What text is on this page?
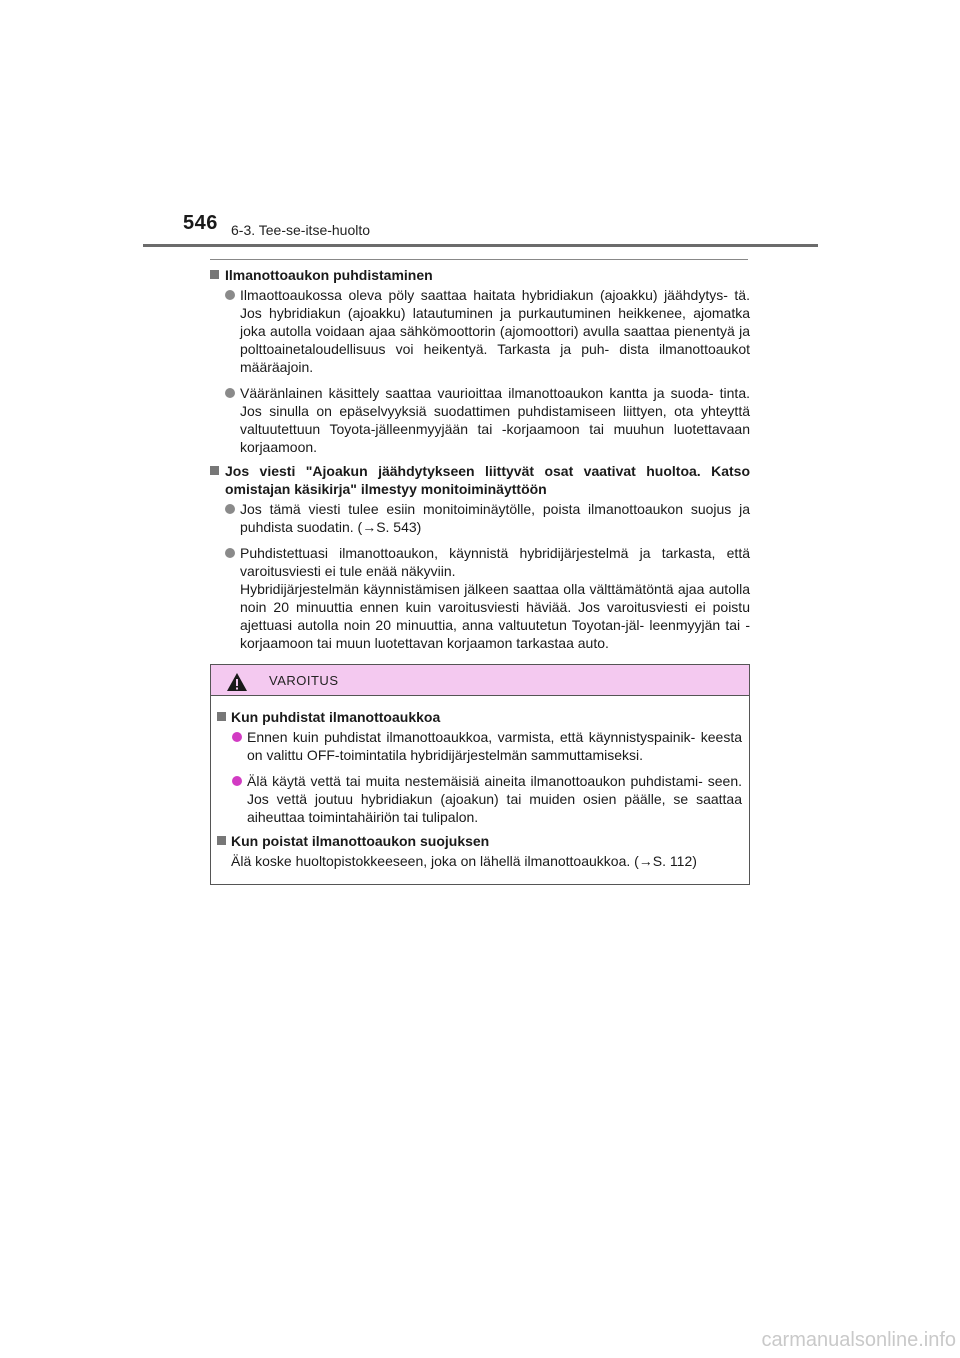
546 6-3. Tee-se-itse-huolto
Ilmanottoaukon puhdistaminen
Ilmaottoaukossa oleva pöly saattaa haitata hybridiakun (ajoakku) jäähdytys- tä. Jos hybridiakun (ajoakku) latautuminen ja purkautuminen heikkenee, ajomatka joka autolla voidaan ajaa sähkömoottorin (ajomoottori) avulla saattaa pienentyä ja polttoainetaloudellisuus voi heikentyä. Tarkasta ja puh- dista ilmanottoaukot määräajoin.
Vääränlainen käsittely saattaa vaurioittaa ilmanottoaukon kantta ja suoda- tinta. Jos sinulla on epäselvyyksiä suodattimen puhdistamiseen liittyen, ota yhteyttä valtuutettuun Toyota-jälleenmyyjään tai -korjaamoon tai muuhun luotettavaan korjaamoon.
Jos viesti "Ajoakun jäähdytykseen liittyvät osat vaativat huoltoa. Katso omistajan käsikirja" ilmestyy monitoiminäyttöön
Jos tämä viesti tulee esiin monitoiminäytölle, poista ilmanottoaukon suojus ja puhdista suodatin. (→S. 543)
Puhdistettuasi ilmanottoaukon, käynnistä hybridijärjestelmä ja tarkasta, että varoitusviesti ei tule enää näkyviin.
Hybridijärjestelmän käynnistämisen jälkeen saattaa olla välttämätöntä ajaa autolla noin 20 minuuttia ennen kuin varoitusviesti häviää. Jos varoitusviesti ei poistu ajettuasi autolla noin 20 minuuttia, anna valtuutetun Toyotan-jäl- leenmyyjän tai -korjaamoon tai muun luotettavan korjaamon tarkastaa auto.
VAROITUS
Kun puhdistat ilmanottoaukkoa
Ennen kuin puhdistat ilmanottoaukkoa, varmista, että käynnistyspainik- keesta on valittu OFF-toimintatila hybridijärjestelmän sammuttamiseksi.
Älä käytä vettä tai muita nestemäisiä aineita ilmanottoaukon puhdistami- seen. Jos vettä joutuu hybridiakun (ajoakun) tai muiden osien päälle, se saattaa aiheuttaa toimintahäiriön tai tulipalon.
Kun poistat ilmanottoaukon suojuksen
Älä koske huoltopistokkeeseen, joka on lähellä ilmanottoaukkoa. (→S. 112)
carmanualsonline.info
